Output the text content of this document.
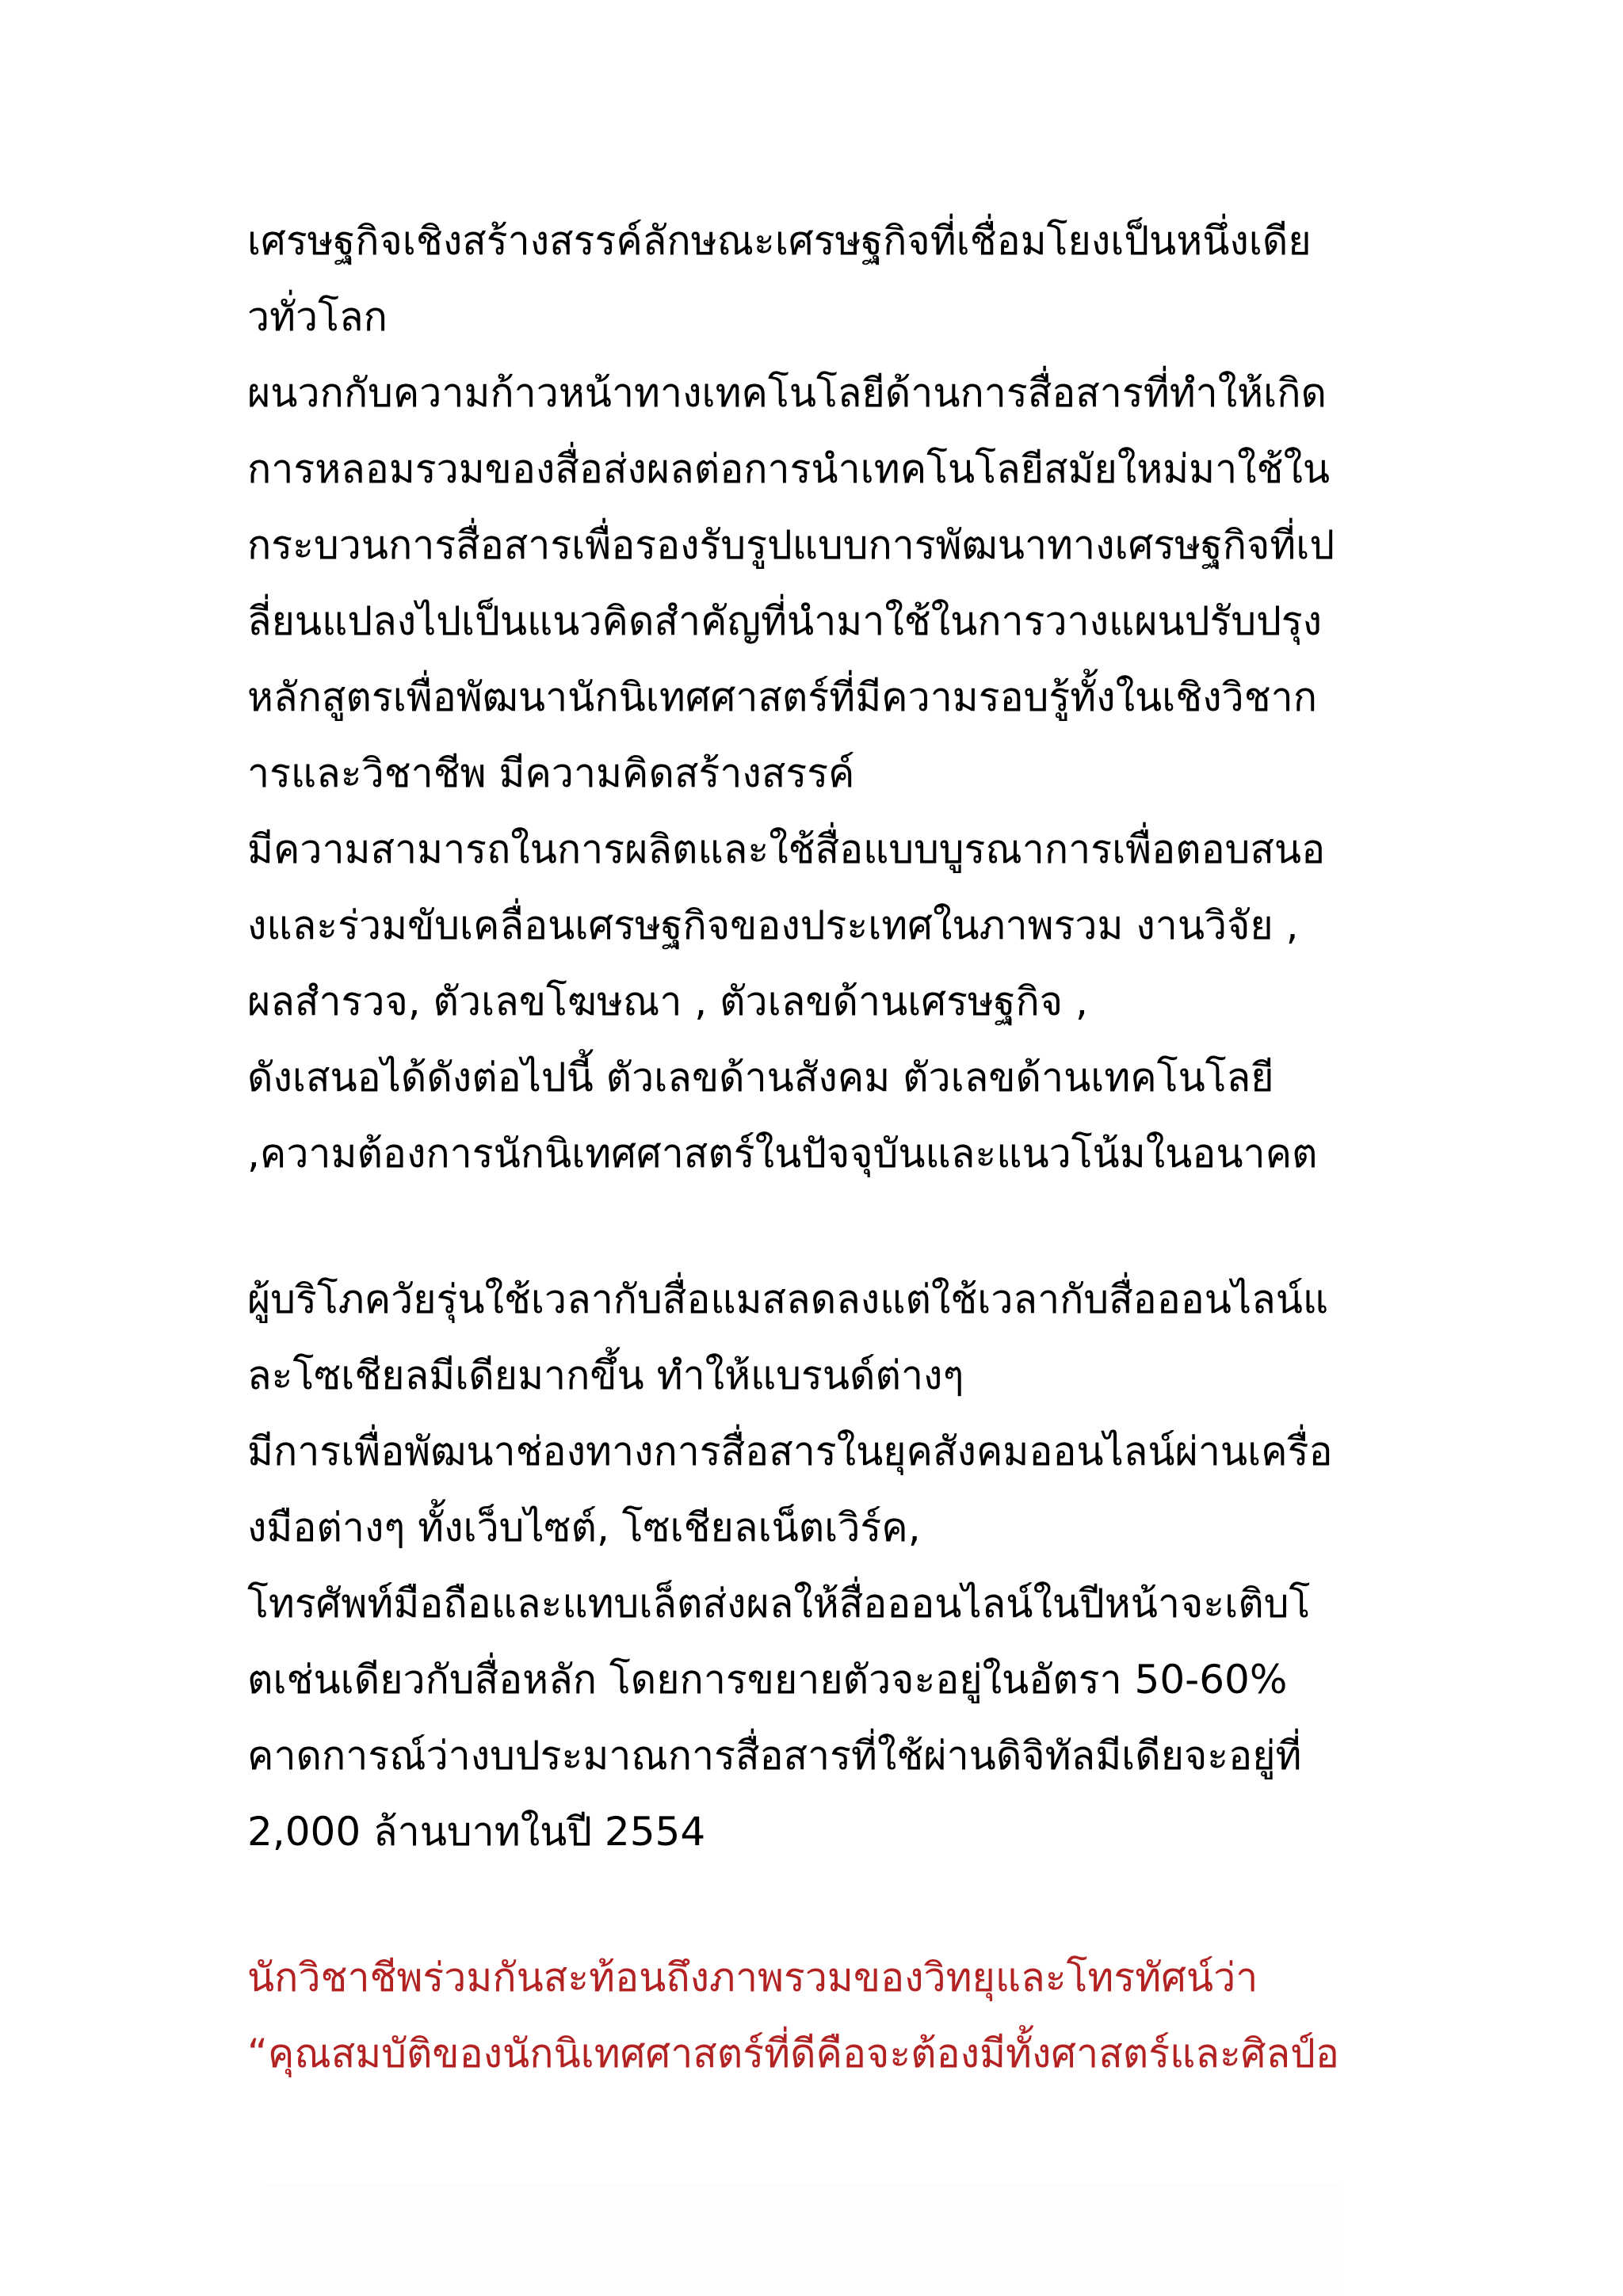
เศรษฐกิจเชิงสร้างสรรค์ลักษณะเศรษฐกิจที่เชื่อมโยงเป็นหนึ่งเดีย
วทั่วโลก
ผนวกกับความก้าวหน้าทางเทคโนโลยีด้านการสื่อสารที่ทำให้เกิด
การหลอมรวมของสื่อส่งผลต่อการนำเทคโนโลยีสมัยใหม่มาใช้ใน
กระบวนการสื่อสารเพื่อรองรับรูปแบบการพัฒนาทางเศรษฐกิจที่เป
ลี่ยนแปลงไปเป็นแนวคิดสำคัญที่นำมาใช้ในการวางแผนปรับปรุง
หลักสูตรเพื่อพัฒนานักนิเทศศาสตร์ที่มีความรอบรู้ทั้งในเชิงวิชาก
ารและวิชาชีพ มีความคิดสร้างสรรค์
มีความสามารถในการผลิตและใช้สื่อแบบบูรณาการเพื่อตอบสนอ
งและร่วมขับเคลื่อนเศรษฐกิจของประเทศในภาพรวม งานวิจัย ,
ผลสำรวจ, ตัวเลขโฆษณา , ตัวเลขด้านเศรษฐกิจ ,
ดังเสนอได้ดังต่อไปนี้ ตัวเลขด้านสังคม ตัวเลขด้านเทคโนโลยี
,ความต้องการนักนิเทศศาสตร์ในปัจจุบันและแนวโน้มในอนาคต
ผู้บริโภควัยรุ่นใช้เวลากับสื่อแมสลดลงแต่ใช้เวลากับสื่อออนไลน์แ
ละโซเชียลมีเดียมากขึ้น ทำให้แบรนด์ต่างๆ
มีการเพื่อพัฒนาช่องทางการสื่อสารในยุคสังคมออนไลน์ผ่านเครื่อ
งมือต่างๆ ทั้งเว็บไซต์, โซเชียลเน็ตเวิร์ค,
โทรศัพท์มือถือและแทบเล็ตส่งผลให้สื่อออนไลน์ในปีหน้าจะเติบโ
ตเช่นเดียวกับสื่อหลัก โดยการขยายตัวจะอยู่ในอัตรา 50-60%
คาดการณ์ว่างบประมาณการสื่อสารที่ใช้ผ่านดิจิทัลมีเดียจะอยู่ที่
2,000 ล้านบาทในปี 2554
นักวิชาชีพร่วมกันสะท้อนถึงภาพรวมของวิทยุและโทรทัศน์ว่า
“คุณสมบัติของนักนิเทศศาสตร์ที่ดีคือจะต้องมีทั้งศาสตร์และศิลป์อ
